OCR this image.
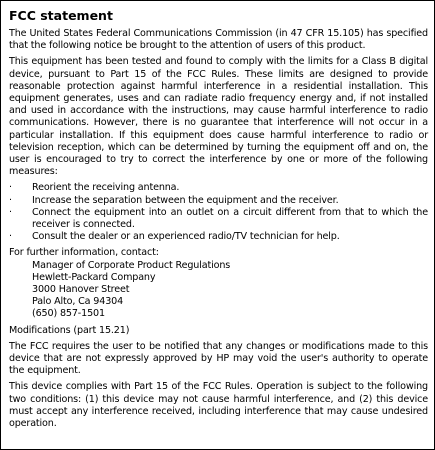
FCC statement

The United States Federal Communications Commission (in 47 CFR 15.105) has specified that the following notice be brought to the attention of users of this product.

This equipment has been tested and found to comply with the limits for a Class B digital device, pursuant to Part 15 of the FCC Rules. These limits are designed to provide reasonable protection against harmful interference in a residential installation. This equipment generates, uses and can radiate radio frequency energy and, if not installed and used in accordance with the instructions, may cause harmful interference to radio communications. However, there is no guarantee that interference will not occur in a particular installation. If this equipment does cause harmful interference to radio or television reception, which can be determined by turning the equipment off and on, the user is encouraged to try to correct the interference by one or more of the following measures:

· Reorient the receiving antenna.
· Increase the separation between the equipment and the receiver.
· Connect the equipment into an outlet on a circuit different from that to which the receiver is connected.
· Consult the dealer or an experienced radio/TV technician for help.
For further information, contact:
Manager of Corporate Product Regulations
Hewlett-Packard Company
3000 Hanover Street
Palo Alto, Ca 94304
(650) 857-1501

Modifications (part 15.21)

The FCC requires the user to be notified that any changes or modifications made to this device that are not expressly approved by HP may void the user's authority to operate the equipment.

This device complies with Part 15 of the FCC Rules. Operation is subject to the following two conditions: (1) this device may not cause harmful interference, and (2) this device must accept any interference received, including interference that may cause undesired operation.
